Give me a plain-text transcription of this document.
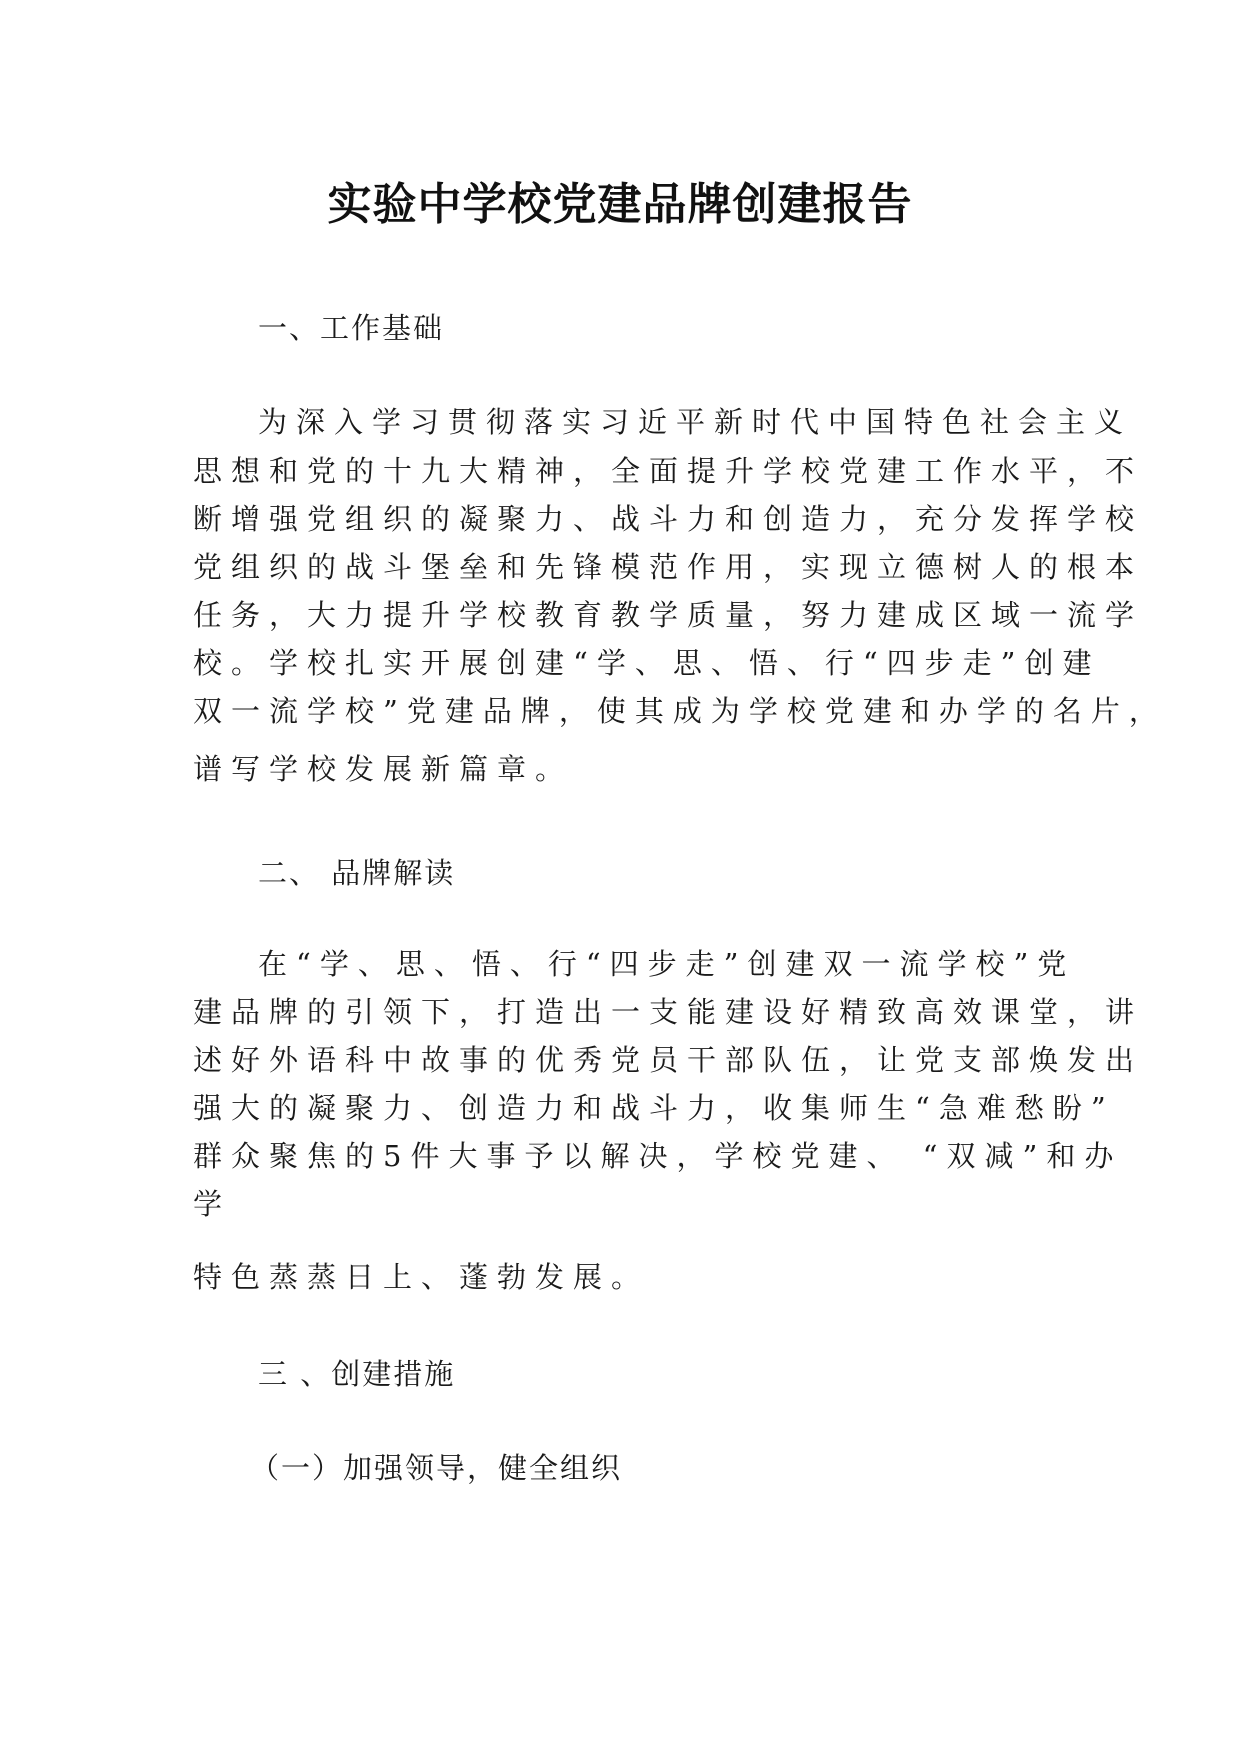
实验中学校党建品牌创建报告
一、工作基础
为深入学习贯彻落实习近平新时代中国特色社会主义
思想和党的十九大精神，全面提升学校党建工作水平，不
断增强党组织的凝聚力、战斗力和创造力，充分发挥学校
党组织的战斗堡垒和先锋模范作用，实现立德树人的根本
任务，大力提升学校教育教学质量，努力建成区域一流学
校。学校扎实开展创建“学、思、悟、行“四步走”创建
双一流学校”党建品牌，使其成为学校党建和办学的名片，
谱写学校发展新篇章。
二、 品牌解读
在“学、思、悟、行“四步走”创建双一流学校”党
建品牌的引领下，打造出一支能建设好精致高效课堂，讲
述好外语科中故事的优秀党员干部队伍，让党支部焕发出
强大的凝聚力、创造力和战斗力，收集师生“急难愁盼”
群众聚焦的5件大事予以解决，学校党建、 “双减”和办
学
特色蒸蒸日上、蓬勃发展。
三 、创建措施
（一）加强领导，健全组织
